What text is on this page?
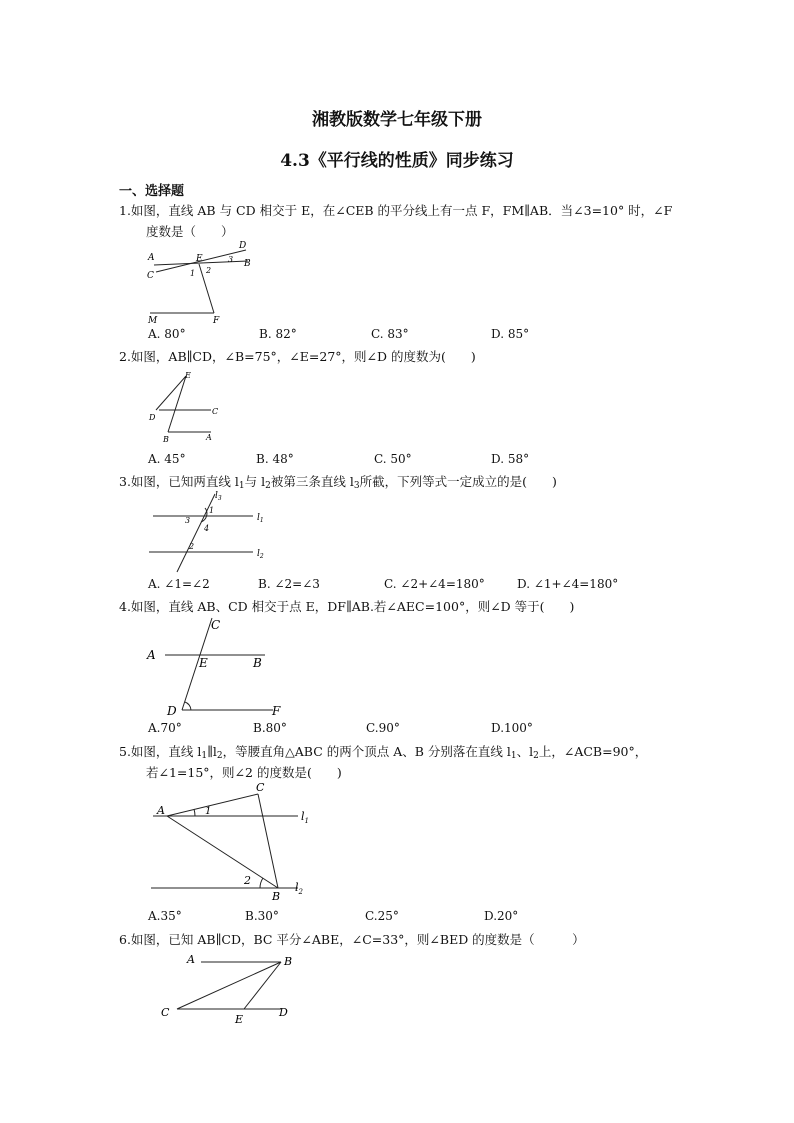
湘教版数学七年级下册
4.3《平行线的性质》同步练习
一、选择题
1.如图，直线 AB 与 CD 相交于 E，在∠CEB 的平分线上有一点 F，FM∥AB．当∠3=10° 时，∠F
度数是（　　）
A
B
C
D
E
F
M
1 2
3
A. 80°	B. 82°	C. 83°	D. 85°
2.如图，AB∥CD，∠B=75°，∠E=27°，则∠D 的度数为(　　)
E
D
C
B	A
A. 45°	B. 48°	C. 50°	D. 58°
3.如图，已知两直线 $l_1$与 $l_2$被第三条直线 $l_3$所截，下列等式一定成立的是(　　)
$l_3$
$l_1$
$l_2$
1
3
4
2
A. ∠1=∠2	B. ∠2=∠3	C. ∠2+∠4=180°	D. ∠1+∠4=180°
4.如图，直线 AB、CD 相交于点 E，DF∥AB.若∠AEC=100°，则∠D 等于(　　)
A
B
C
D
E
F
A.70°	B.80°	C.90°	D.100°
5.如图，直线 $l_1\parallel l_2$，等腰直角△ABC 的两个顶点 A、B 分别落在直线 $l_1$、$l_2$上，∠ACB=90°，
若∠1=15°，则∠2 的度数是(　　)
A
B
C
1
2
$l_1$
$l_2$
A.35°	B.30°	C.25°	D.20°
6.如图，已知 AB∥CD，BC 平分∠ABE，∠C=33°，则∠BED 的度数是（　　　）
A	B
C	D
E
